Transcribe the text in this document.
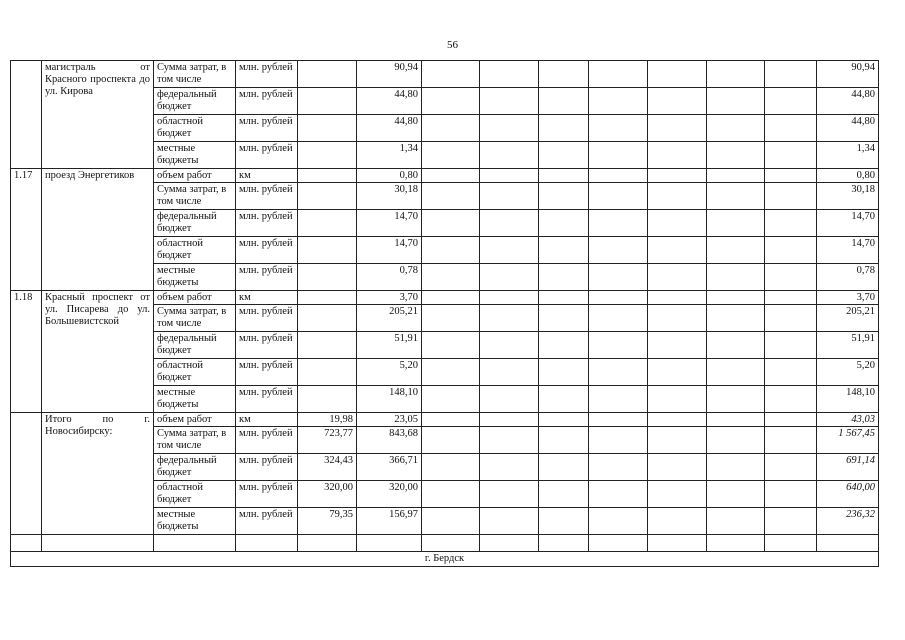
56
	магистраль от Красного проспекта до ул. Кирова	Сумма затрат, в том числе	млн. рублей		90,94								90,94
		федеральный бюджет	млн. рублей		44,80								44,80
		областной бюджет	млн. рублей		44,80								44,80
		местные бюджеты	млн. рублей		1,34								1,34
1.17	проезд Энергетиков	объем работ	км		0,80								0,80
		Сумма затрат, в том числе	млн. рублей		30,18								30,18
		федеральный бюджет	млн. рублей		14,70								14,70
		областной бюджет	млн. рублей		14,70								14,70
		местные бюджеты	млн. рублей		0,78								0,78
1.18	Красный проспект от ул. Писарева до ул. Большевистской	объем работ	км		3,70								3,70
		Сумма затрат, в том числе	млн. рублей		205,21								205,21
		федеральный бюджет	млн. рублей		51,91								51,91
		областной бюджет	млн. рублей		5,20								5,20
		местные бюджеты	млн. рублей		148,10								148,10
	Итого по г. Новосибирску:	объем работ	км	19,98	23,05								43,03
		Сумма затрат, в том числе	млн. рублей	723,77	843,68								1 567,45
		федеральный бюджет	млн. рублей	324,43	366,71								691,14
		областной бюджет	млн. рублей	320,00	320,00								640,00
		местные бюджеты	млн. рублей	79,35	156,97								236,32

г. Бердск													
